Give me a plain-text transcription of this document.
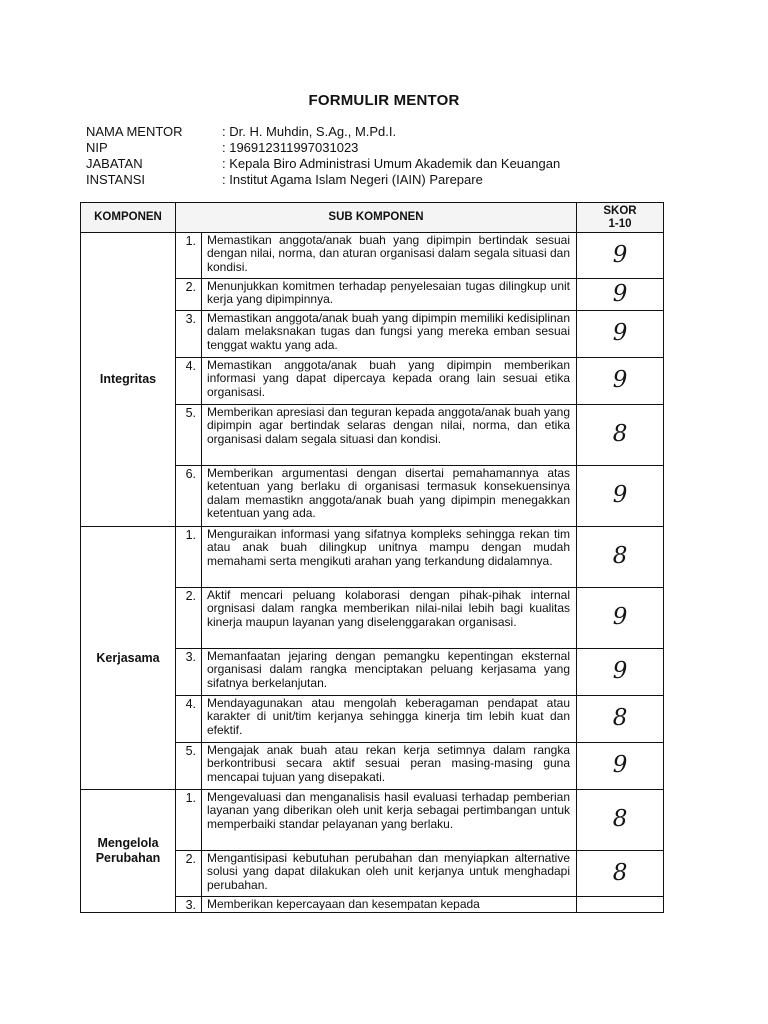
FORMULIR MENTOR
NAMA MENTOR	: Dr. H. Muhdin, S.Ag., M.Pd.I.
NIP	: 196912311997031023
JABATAN	: Kepala Biro Administrasi Umum Akademik dan Keuangan
INSTANSI	: Institut Agama Islam Negeri (IAIN) Parepare
KOMPONEN	SUB KOMPONEN		SKOR
1-10
Integritas	1.	Memastikan anggota/anak buah yang dipimpin bertindak sesuai dengan nilai, norma, dan aturan organisasi dalam segala situasi dan kondisi.	9
	2.	Menunjukkan komitmen terhadap penyelesaian tugas dilingkup unit kerja yang dipimpinnya.	9
	3.	Memastikan anggota/anak buah yang dipimpin memiliki kedisiplinan dalam melaksnakan tugas dan fungsi yang mereka emban sesuai tenggat waktu yang ada.	9
	4.	Memastikan anggota/anak buah yang dipimpin memberikan informasi yang dapat dipercaya kepada orang lain sesuai etika organisasi.	9
	5.	Memberikan apresiasi dan teguran kepada anggota/anak buah yang dipimpin agar bertindak selaras dengan nilai, norma, dan etika organisasi dalam segala situasi dan kondisi.	8
	6.	Memberikan argumentasi dengan disertai pemahamannya atas ketentuan yang berlaku di organisasi termasuk konsekuensinya dalam memastikn anggota/anak buah yang dipimpin menegakkan ketentuan yang ada.	9
Kerjasama	1.	Menguraikan informasi yang sifatnya kompleks sehingga rekan tim atau anak buah dilingkup unitnya mampu dengan mudah memahami serta mengikuti arahan yang terkandung didalamnya.	8
	2.	Aktif mencari peluang kolaborasi dengan pihak-pihak internal orgnisasi dalam rangka memberikan nilai-nilai lebih bagi kualitas kinerja maupun layanan yang diselenggarakan organisasi.	9
	3.	Memanfaatan jejaring dengan pemangku kepentingan eksternal organisasi dalam rangka menciptakan peluang kerjasama yang sifatnya berkelanjutan.	9
	4.	Mendayagunakan atau mengolah keberagaman pendapat atau karakter di unit/tim kerjanya sehingga kinerja tim lebih kuat dan efektif.	8
	5.	Mengajak anak buah atau rekan kerja setimnya dalam rangka berkontribusi secara aktif sesuai peran masing-masing guna mencapai tujuan yang disepakati.	9
Mengelola Perubahan	1.	Mengevaluasi dan menganalisis hasil evaluasi terhadap pemberian layanan yang diberikan oleh unit kerja sebagai pertimbangan untuk memperbaiki standar pelayanan yang berlaku.	8
	2.	Mengantisipasi kebutuhan perubahan dan menyiapkan alternative solusi yang dapat dilakukan oleh unit kerjanya untuk menghadapi perubahan.	8
	3.	Memberikan kepercayaan dan kesempatan kepada	
